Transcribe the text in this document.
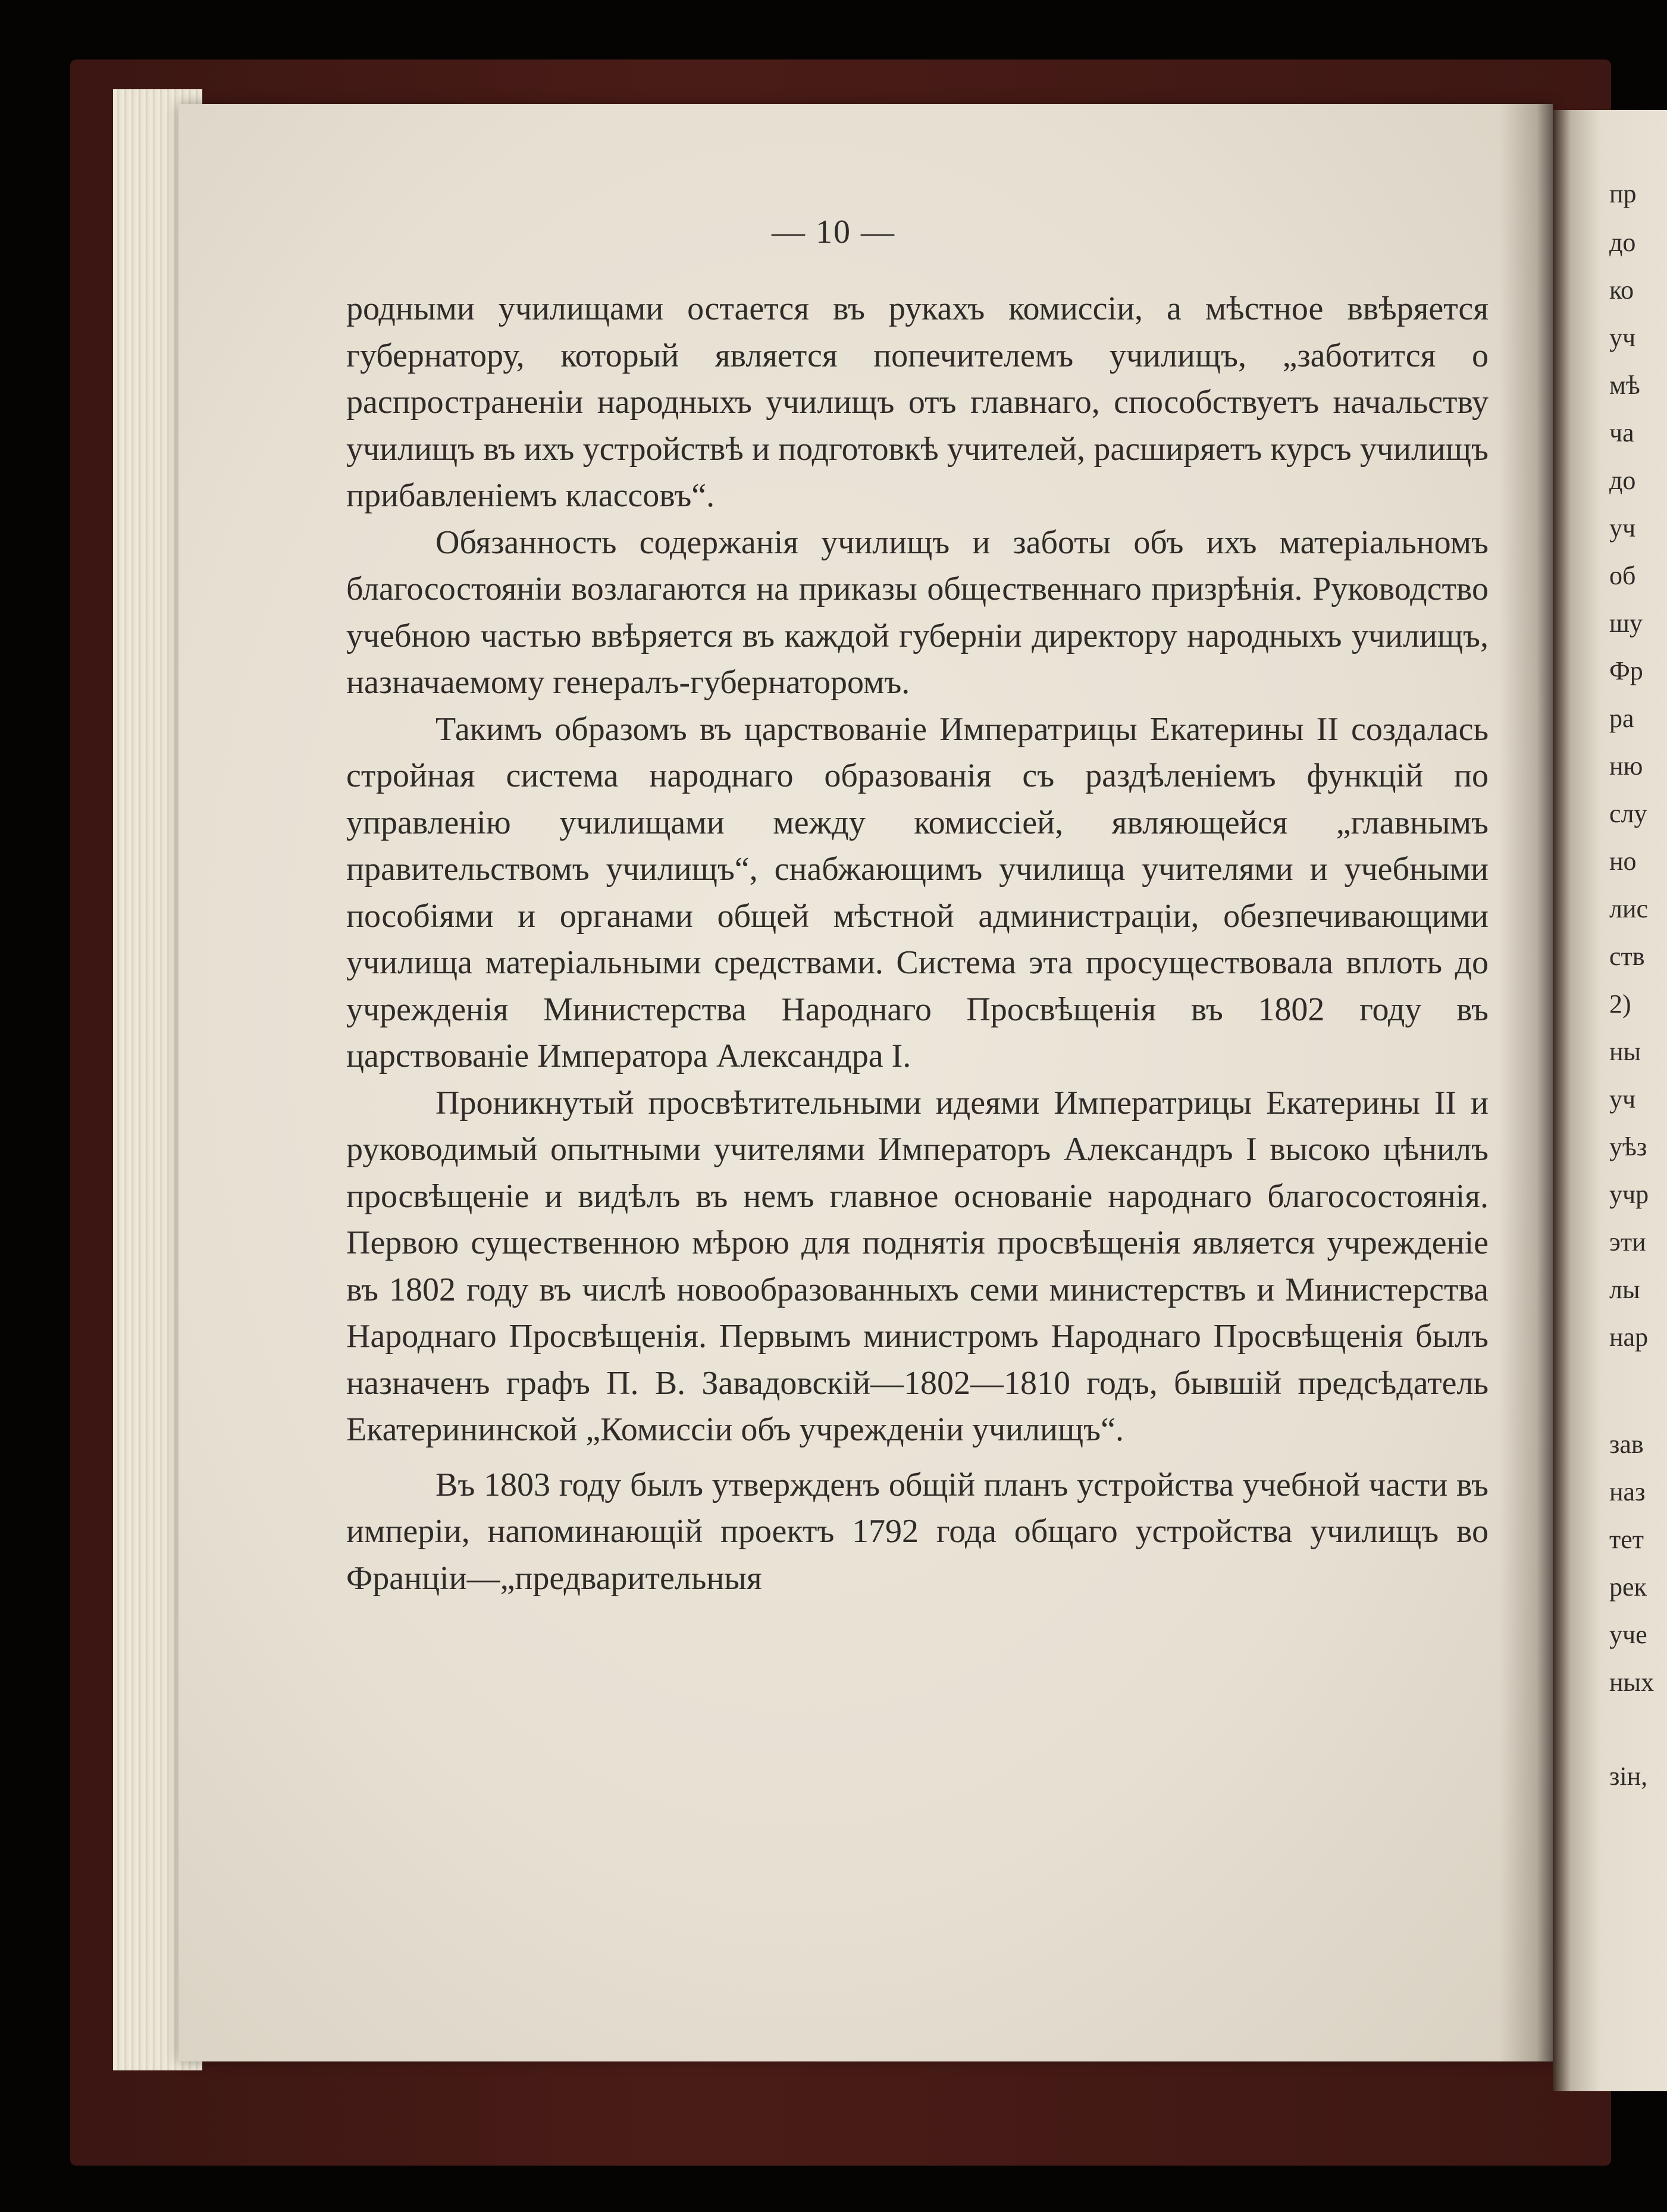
— 10 —

родными училищами остается въ рукахъ комиссіи, а мѣстное ввѣряется губернатору, который является попечителемъ училищъ, „заботится о распространеніи народныхъ училищъ отъ главнаго, способствуетъ начальству училищъ въ ихъ устройствѣ и подготовкѣ учителей, расширяетъ курсъ училищъ прибавленіемъ классовъ“.

Обязанность содержанія училищъ и заботы объ ихъ матеріальномъ благосостояніи возлагаются на приказы общественнаго призрѣнія. Руководство учебною частью ввѣряется въ каждой губерніи директору народныхъ училищъ, назначаемому генералъ-губернаторомъ.

Такимъ образомъ въ царствованіе Императрицы Екатерины II создалась стройная система народнаго образованія съ раздѣленіемъ функцій по управленію училищами между комиссіей, являющейся „главнымъ правительствомъ училищъ“, снабжающимъ училища учителями и учебными пособіями и органами общей мѣстной администраціи, обезпечивающими училища матеріальными средствами. Система эта просуществовала вплоть до учрежденія Министерства Народнаго Просвѣщенія въ 1802 году въ царствованіе Императора Александра I.

Проникнутый просвѣтительными идеями Императрицы Екатерины II и руководимый опытными учителями Императоръ Александръ I высоко цѣнилъ просвѣщеніе и видѣлъ въ немъ главное основаніе народнаго благосостоянія. Первою существенною мѣрою для поднятія просвѣщенія является учрежденіе въ 1802 году въ числѣ новообразованныхъ семи министерствъ и Министерства Народнаго Просвѣщенія. Первымъ министромъ Народнаго Просвѣщенія былъ назначенъ графъ П. В. Завадовскій—1802—1810 годъ, бывшій предсѣдатель Екатерининской „Комиссіи объ учрежденіи училищъ“.

Въ 1803 году былъ утвержденъ общій планъ устройства учебной части въ имперіи, напоминающій проектъ 1792 года общаго устройства училищъ во Франціи—„предварительныя

пр
до
ко
уч
мѣ
ча
до
уч
об
шу
Фр
ра
ню
слу
но
лис
ств
2)
ны
уч
уѣз
учр
эти
лы
нар
зав
наз
тет
рек
уче
ных
зін,
